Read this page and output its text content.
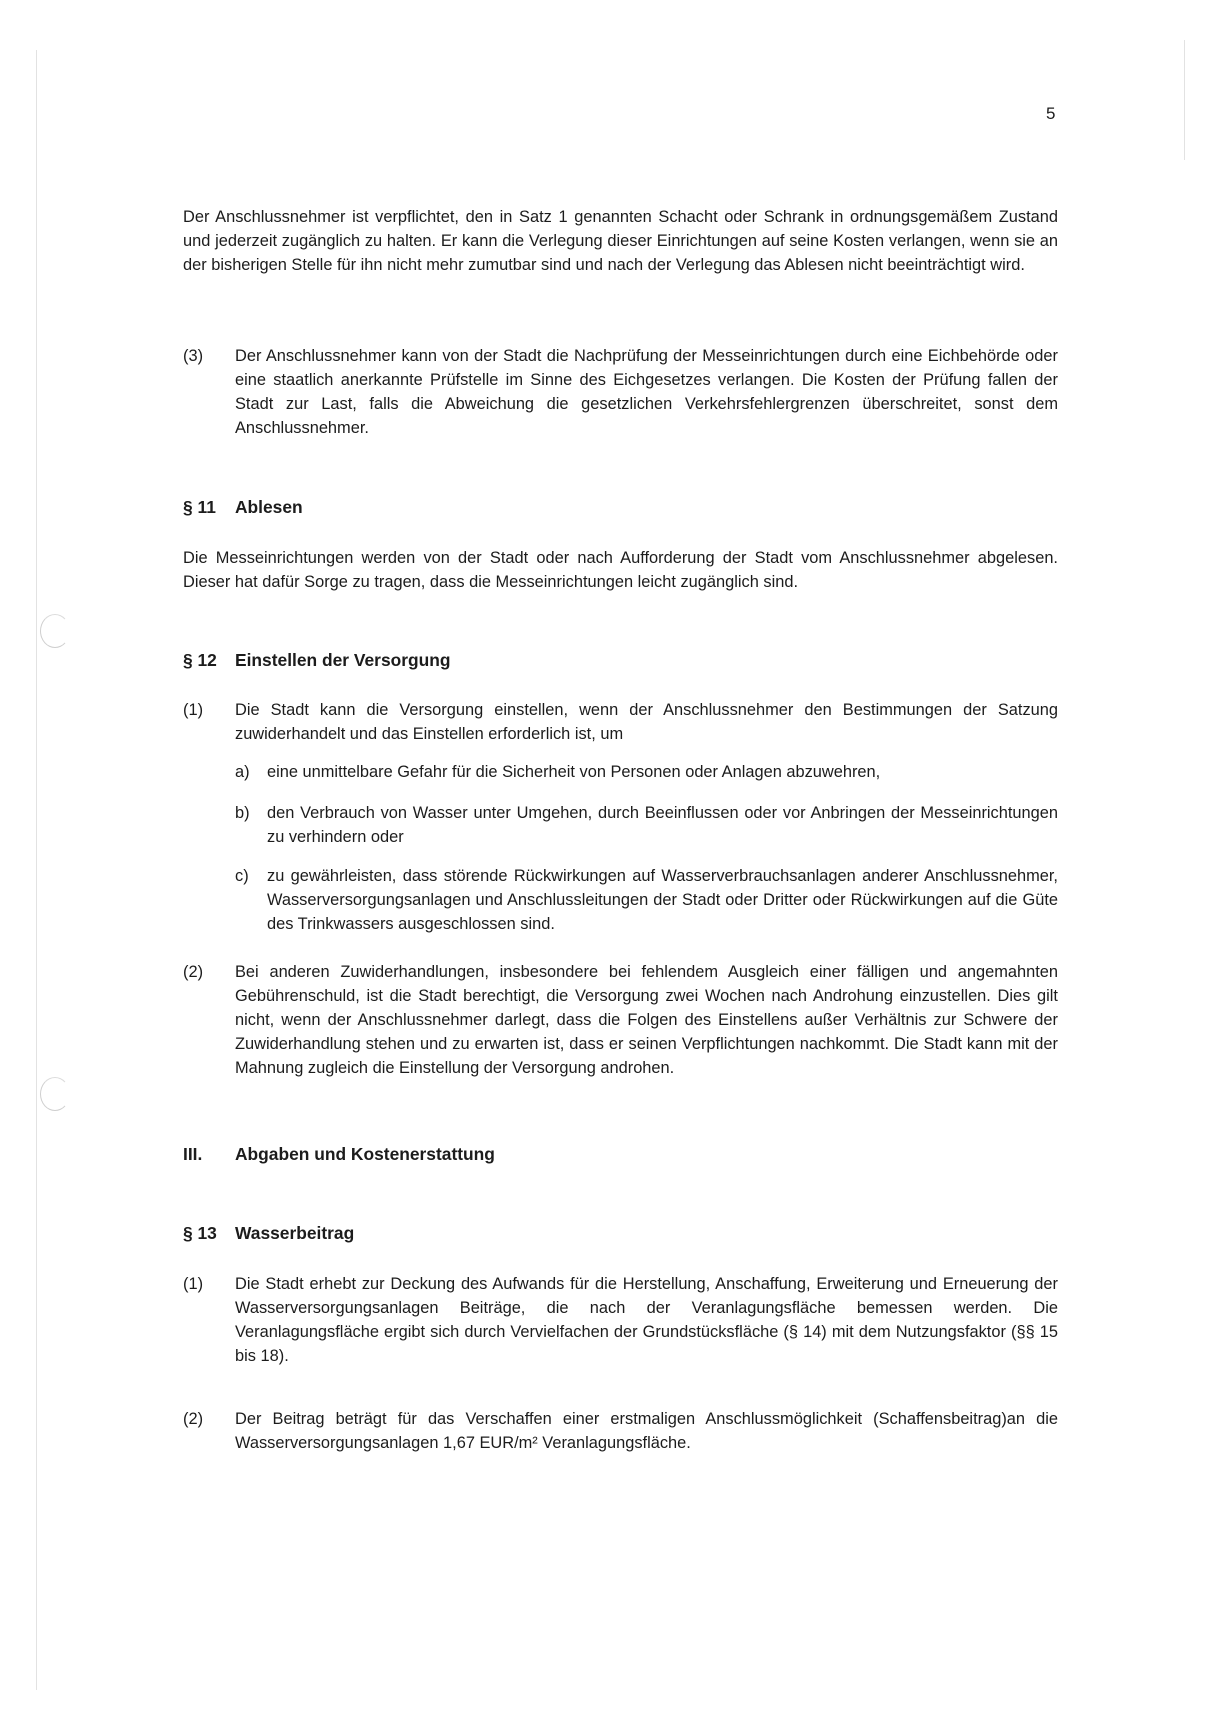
5
Der Anschlussnehmer ist verpflichtet, den in Satz 1 genannten Schacht oder Schrank in ordnungsgemäßem Zustand und jederzeit zugänglich zu halten. Er kann die Verlegung dieser Einrichtungen auf seine Kosten verlangen, wenn sie an der bisherigen Stelle für ihn nicht mehr zumutbar sind und nach der Verlegung das Ablesen nicht beeinträchtigt wird.
(3) Der Anschlussnehmer kann von der Stadt die Nachprüfung der Messeinrichtungen durch eine Eichbehörde oder eine staatlich anerkannte Prüfstelle im Sinne des Eichgesetzes verlangen. Die Kosten der Prüfung fallen der Stadt zur Last, falls die Abweichung die gesetzlichen Verkehrsfehlergrenzen überschreitet, sonst dem Anschlussnehmer.
§ 11 Ablesen
Die Messeinrichtungen werden von der Stadt oder nach Aufforderung der Stadt vom Anschlussnehmer abgelesen. Dieser hat dafür Sorge zu tragen, dass die Messeinrichtungen leicht zugänglich sind.
§ 12 Einstellen der Versorgung
(1) Die Stadt kann die Versorgung einstellen, wenn der Anschlussnehmer den Bestimmungen der Satzung zuwiderhandelt und das Einstellen erforderlich ist, um
a) eine unmittelbare Gefahr für die Sicherheit von Personen oder Anlagen abzuwehren,
b) den Verbrauch von Wasser unter Umgehen, durch Beeinflussen oder vor Anbringen der Messeinrichtungen zu verhindern oder
c) zu gewährleisten, dass störende Rückwirkungen auf Wasserverbrauchsanlagen anderer Anschlussnehmer, Wasserversorgungsanlagen und Anschlussleitungen der Stadt oder Dritter oder Rückwirkungen auf die Güte des Trinkwassers ausgeschlossen sind.
(2) Bei anderen Zuwiderhandlungen, insbesondere bei fehlendem Ausgleich einer fälligen und angemahnten Gebührenschuld, ist die Stadt berechtigt, die Versorgung zwei Wochen nach Androhung einzustellen. Dies gilt nicht, wenn der Anschlussnehmer darlegt, dass die Folgen des Einstellens außer Verhältnis zur Schwere der Zuwiderhandlung stehen und zu erwarten ist, dass er seinen Verpflichtungen nachkommt. Die Stadt kann mit der Mahnung zugleich die Einstellung der Versorgung androhen.
III. Abgaben und Kostenerstattung
§ 13 Wasserbeitrag
(1) Die Stadt erhebt zur Deckung des Aufwands für die Herstellung, Anschaffung, Erweiterung und Erneuerung der Wasserversorgungsanlagen Beiträge, die nach der Veranlagungsfläche bemessen werden. Die Veranlagungsfläche ergibt sich durch Vervielfachen der Grundstücksfläche (§ 14) mit dem Nutzungsfaktor (§§ 15 bis 18).
(2) Der Beitrag beträgt für das Verschaffen einer erstmaligen Anschlussmöglichkeit (Schaffensbeitrag)an die Wasserversorgungsanlagen 1,67 EUR/m² Veranlagungsfläche.
